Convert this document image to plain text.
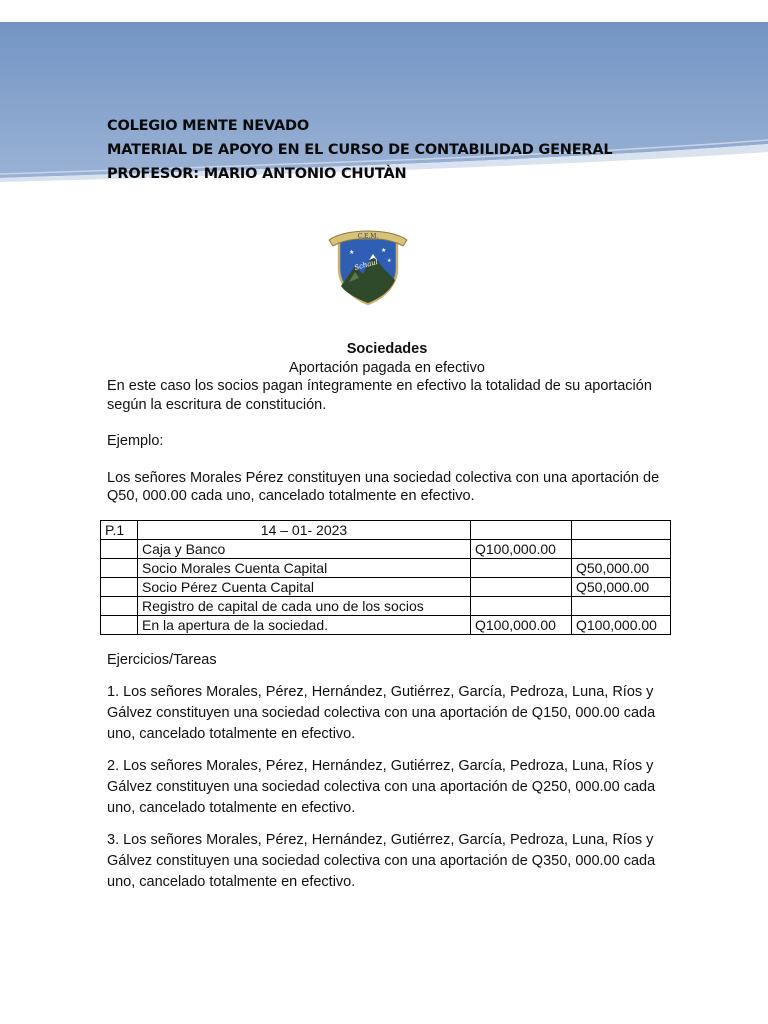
COLEGIO MENTE NEVADO
MATERIAL DE APOYO EN EL CURSO DE CONTABILIDAD GENERAL
PROFESOR: MARIO ANTONIO CHUTÀN
★	★
★
C.E.M.
Schaul

Sociedades

Aportación pagada en efectivo

En este caso los socios pagan íntegramente en efectivo la totalidad de su aportación según la escritura de constitución.

Ejemplo:

Los señores Morales Pérez constituyen una sociedad colectiva con una aportación de Q50, 000.00 cada uno, cancelado totalmente en efectivo.

P.1	14 – 01- 2023		
	Caja y Banco	Q100,000.00	
	Socio Morales Cuenta Capital		Q50,000.00
	Socio Pérez Cuenta Capital		Q50,000.00
	Registro de capital de cada uno de los socios		
	En la apertura de la sociedad.	Q100,000.00	Q100,000.00

Ejercicios/Tareas

1. Los señores Morales, Pérez, Hernández, Gutiérrez, García, Pedroza, Luna, Ríos y Gálvez constituyen una sociedad colectiva con una aportación de Q150, 000.00 cada uno, cancelado totalmente en efectivo.

2. Los señores Morales, Pérez, Hernández, Gutiérrez, García, Pedroza, Luna, Ríos y Gálvez constituyen una sociedad colectiva con una aportación de Q250, 000.00 cada uno, cancelado totalmente en efectivo.

3. Los señores Morales, Pérez, Hernández, Gutiérrez, García, Pedroza, Luna, Ríos y Gálvez constituyen una sociedad colectiva con una aportación de Q350, 000.00 cada uno, cancelado totalmente en efectivo.
